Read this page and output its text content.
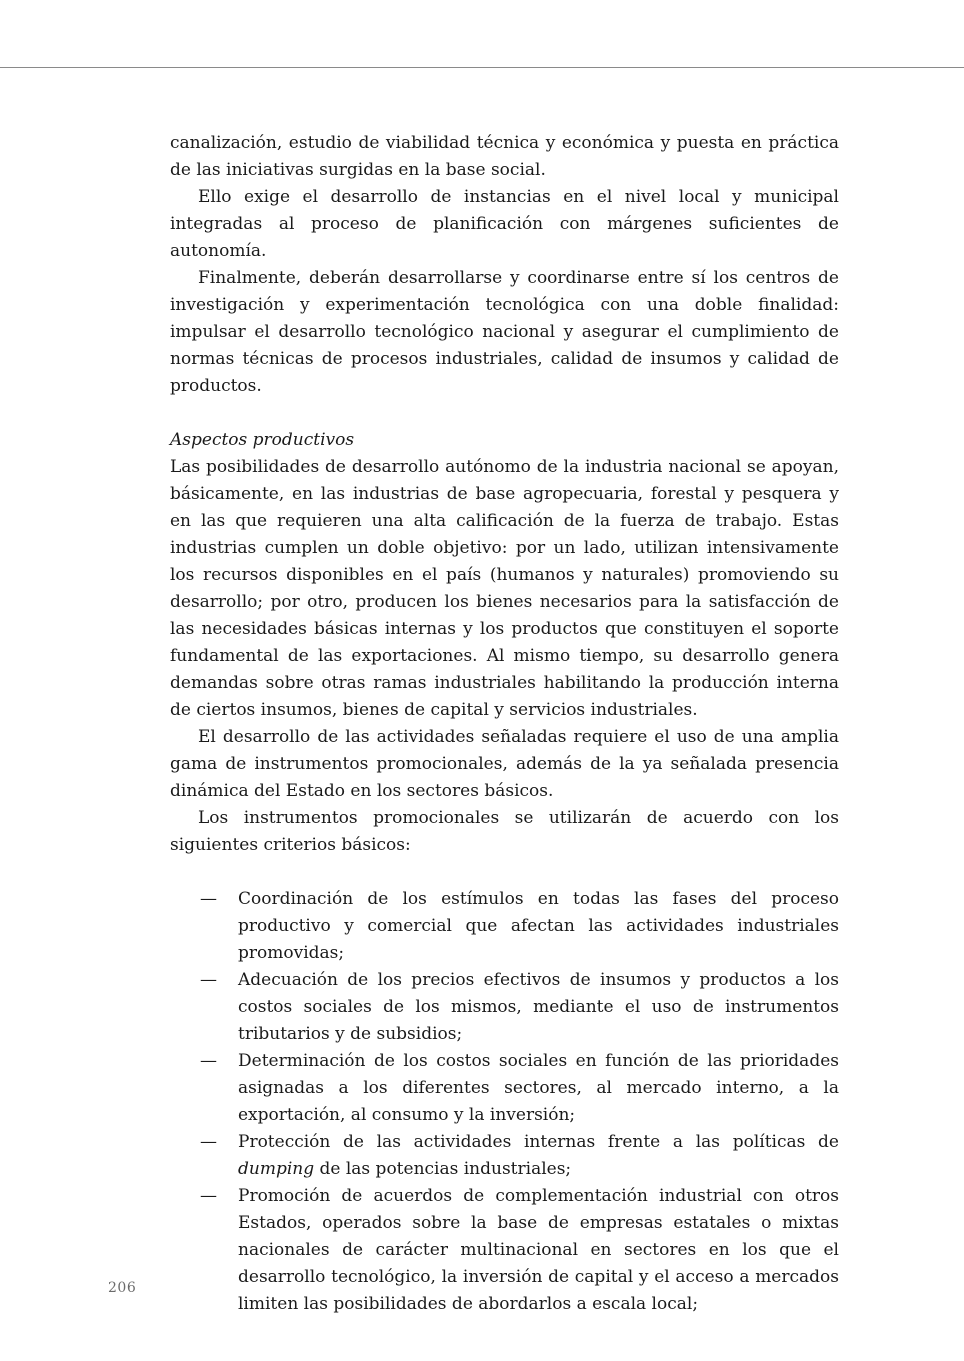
canalización, estudio de viabilidad técnica y económica y puesta en práctica de las iniciativas surgidas en la base social.

Ello exige el desarrollo de instancias en el nivel local y municipal integradas al proceso de planificación con márgenes suficientes de autonomía.

Finalmente, deberán desarrollarse y coordinarse entre sí los centros de investigación y experimentación tecnológica con una doble finalidad: impulsar el desarrollo tecnológico nacional y asegurar el cumplimiento de normas técnicas de procesos industriales, calidad de insumos y calidad de productos.

Aspectos productivos

Las posibilidades de desarrollo autónomo de la industria nacional se apoyan, básicamente, en las industrias de base agropecuaria, forestal y pesquera y en las que requieren una alta calificación de la fuerza de trabajo. Estas industrias cumplen un doble objetivo: por un lado, utilizan intensivamente los recursos disponibles en el país (humanos y naturales) promoviendo su desarrollo; por otro, producen los bienes necesarios para la satisfacción de las necesidades básicas internas y los productos que constituyen el soporte fundamental de las exportaciones. Al mismo tiempo, su desarrollo genera demandas sobre otras ramas industriales habilitando la producción interna de ciertos insumos, bienes de capital y servicios industriales.

El desarrollo de las actividades señaladas requiere el uso de una amplia gama de instrumentos promocionales, además de la ya señalada presencia dinámica del Estado en los sectores básicos.

Los instrumentos promocionales se utilizarán de acuerdo con los siguientes criterios básicos:

— Coordinación de los estímulos en todas las fases del proceso productivo y comercial que afectan las actividades industriales promovidas;
— Adecuación de los precios efectivos de insumos y productos a los costos sociales de los mismos, mediante el uso de instrumentos tributarios y de subsidios;
— Determinación de los costos sociales en función de las prioridades asignadas a los diferentes sectores, al mercado interno, a la exportación, al consumo y la inversión;
— Protección de las actividades internas frente a las políticas de dumping de las potencias industriales;
— Promoción de acuerdos de complementación industrial con otros Estados, operados sobre la base de empresas estatales o mixtas nacionales de carácter multinacional en sectores en los que el desarrollo tecnológico, la inversión de capital y el acceso a mercados limiten las posibilidades de abordarlos a escala local;
206
